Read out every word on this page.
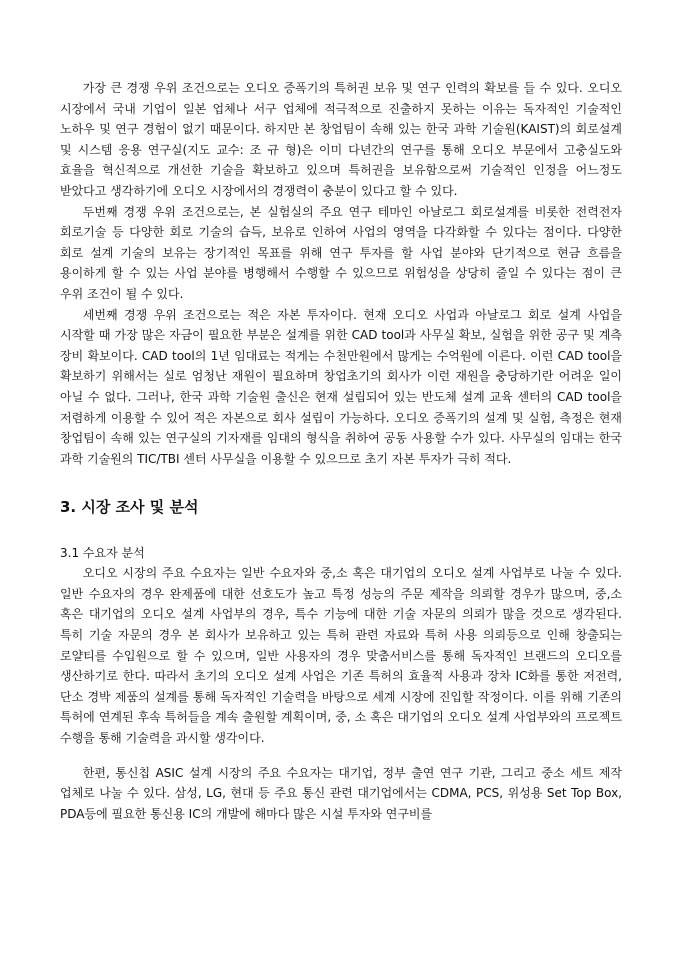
가장 큰 경쟁 우위 조건으로는 오디오 증폭기의 특허권 보유 및 연구 인력의 확보를 들 수 있다. 오디오 시장에서 국내 기업이 일본 업체나 서구 업체에 적극적으로 진출하지 못하는 이유는 독자적인 기술적인 노하우 및 연구 경험이 없기 때문이다. 하지만 본 창업팀이 속해 있는 한국 과학 기술원(KAIST)의 회로설계 및 시스템 응용 연구실(지도 교수: 조 규 형)은 이미 다년간의 연구를 통해 오디오 부문에서 고충실도와 효율을 혁신적으로 개선한 기술을 확보하고 있으며 특허권을 보유함으로써 기술적인 인정을 어느정도 받았다고 생각하기에 오디오 시장에서의 경쟁력이 충분이 있다고 할 수 있다.

두번째 경쟁 우위 조건으로는, 본 실험실의 주요 연구 테마인 아날로그 회로설계를 비롯한 전력전자 회로기술 등 다양한 회로 기술의 습득, 보유로 인하여 사업의 영역을 다각화할 수 있다는 점이다. 다양한 회로 설계 기술의 보유는 장기적인 목표를 위해 연구 투자를 할 사업 분야와 단기적으로 현금 흐름을 용이하게 할 수 있는 사업 분야를 병행해서 수행할 수 있으므로 위험성을 상당히 줄일 수 있다는 점이 큰 우위 조건이 될 수 있다.

세번째 경쟁 우위 조건으로는 적은 자본 투자이다. 현재 오디오 사업과 아날로그 회로 설계 사업을 시작할 때 가장 많은 자금이 필요한 부분은 설계를 위한 CAD tool과 사무실 확보, 실험을 위한 공구 및 계측 장비 확보이다. CAD tool의 1년 임대료는 적게는 수천만원에서 많게는 수억원에 이른다. 이런 CAD tool을 확보하기 위해서는 실로 엄청난 재원이 필요하며 창업초기의 회사가 이런 재원을 충당하기란 어려운 일이 아닐 수 없다. 그러나, 한국 과학 기술원 출신은 현재 설립되어 있는 반도체 설계 교육 센터의 CAD tool을 저렴하게 이용할 수 있어 적은 자본으로 회사 설립이 가능하다. 오디오 증폭기의 설계 및 실험, 측정은 현재 창업팀이 속해 있는 연구실의 기자재를 임대의 형식을 취하여 공동 사용할 수가 있다. 사무실의 임대는 한국 과학 기술원의 TIC/TBI 센터 사무실을 이용할 수 있으므로 초기 자본 투자가 극히 적다.

3. 시장 조사 및 분석
3.1 수요자 분석

오디오 시장의 주요 수요자는 일반 수요자와 중,소 혹은 대기업의 오디오 설계 사업부로 나눌 수 있다. 일반 수요자의 경우 완제품에 대한 선호도가 높고 특정 성능의 주문 제작을 의뢰할 경우가 많으며, 중,소 혹은 대기업의 오디오 설계 사업부의 경우, 특수 기능에 대한 기술 자문의 의뢰가 많을 것으로 생각된다. 특히 기술 자문의 경우 본 회사가 보유하고 있는 특허 관련 자료와 특허 사용 의뢰등으로 인해 창출되는 로얄티를 수입원으로 할 수 있으며, 일반 사용자의 경우 맞춤서비스를 통해 독자적인 브랜드의 오디오를 생산하기로 한다. 따라서 초기의 오디오 설계 사업은 기존 특허의 효율적 사용과 장차 IC화를 통한 저전력, 단소 경박 제품의 설계를 통해 독자적인 기술력을 바탕으로 세계 시장에 진입할 작정이다. 이를 위해 기존의 특허에 연계된 후속 특허들을 계속 출원할 계획이며, 중, 소 혹은 대기업의 오디오 설계 사업부와의 프로젝트 수행을 통해 기술력을 과시할 생각이다.

한편, 통신칩 ASIC 설계 시장의 주요 수요자는 대기업, 정부 출연 연구 기관, 그리고 중소 세트 제작 업체로 나눌 수 있다. 삼성, LG, 현대 등 주요 통신 관련 대기업에서는 CDMA, PCS, 위성용 Set Top Box, PDA등에 필요한 통신용 IC의 개발에 해마다 많은 시설 투자와 연구비를
